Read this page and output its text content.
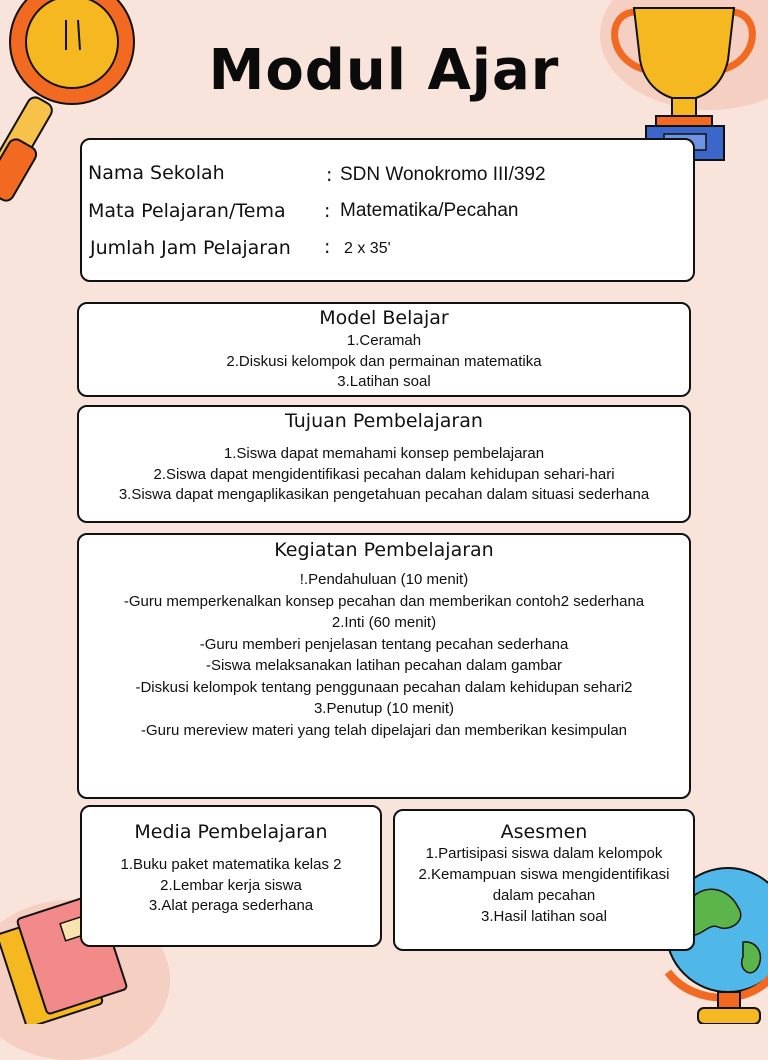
Modul Ajar
Nama Sekolah	: SDN Wonokromo III/392
Mata Pelajaran/Tema : Matematika/Pecahan
Jumlah Jam Pelajaran : 2 x 35'
Model Belajar
1.Ceramah
2.Diskusi kelompok dan permainan matematika
3.Latihan soal
Tujuan Pembelajaran
1.Siswa dapat memahami konsep pembelajaran
2.Siswa dapat mengidentifikasi pecahan dalam kehidupan sehari-hari
3.Siswa dapat mengaplikasikan pengetahuan pecahan dalam situasi sederhana
Kegiatan Pembelajaran
!.Pendahuluan (10 menit)
-Guru memperkenalkan konsep pecahan dan memberikan contoh2 sederhana
2.Inti (60 menit)
-Guru memberi penjelasan tentang pecahan sederhana
-Siswa melaksanakan latihan pecahan dalam gambar
-Diskusi kelompok tentang penggunaan pecahan dalam kehidupan sehari2
3.Penutup (10 menit)
-Guru mereview materi yang telah dipelajari dan memberikan kesimpulan
Media Pembelajaran
1.Buku paket matematika kelas 2
2.Lembar kerja siswa
3.Alat peraga sederhana
Asesmen
1.Partisipasi siswa dalam kelompok
2.Kemampuan siswa mengidentifikasi
dalam pecahan
3.Hasil latihan soal
